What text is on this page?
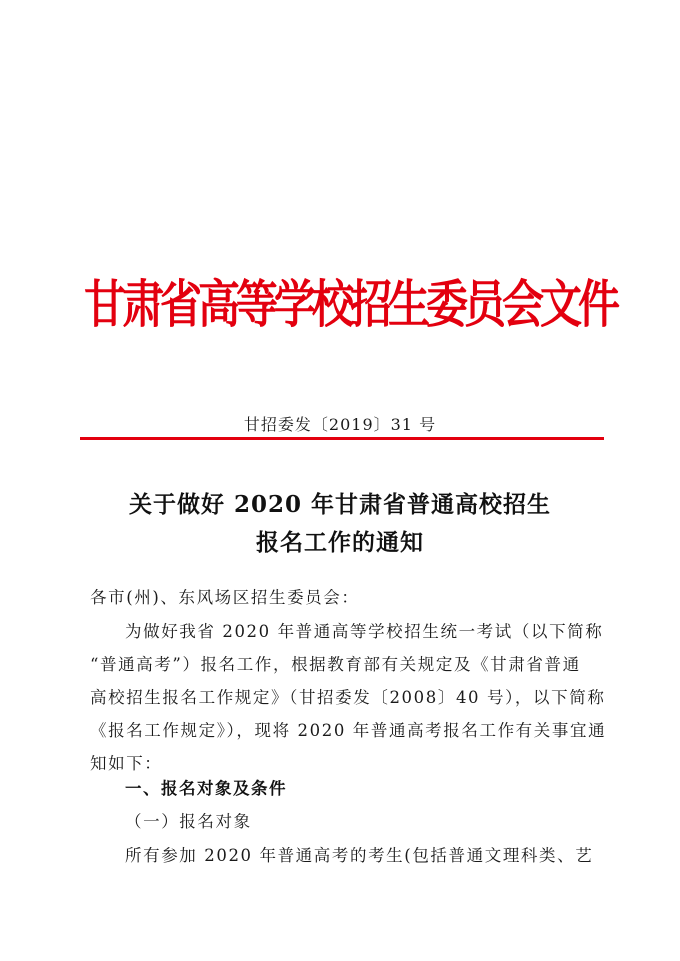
甘肃省高等学校招生委员会文件
甘招委发〔2019〕31 号
关于做好 2020 年甘肃省普通高校招生
报名工作的通知
各市(州)、东风场区招生委员会：
为做好我省 2020 年普通高等学校招生统一考试（以下简称
“普通高考”）报名工作，根据教育部有关规定及《甘肃省普通
高校招生报名工作规定》（甘招委发〔2008〕40 号），以下简称
《报名工作规定》），现将 2020 年普通高考报名工作有关事宜通
知如下：
一、报名对象及条件
（一）报名对象
所有参加 2020 年普通高考的考生(包括普通文理科类、艺
